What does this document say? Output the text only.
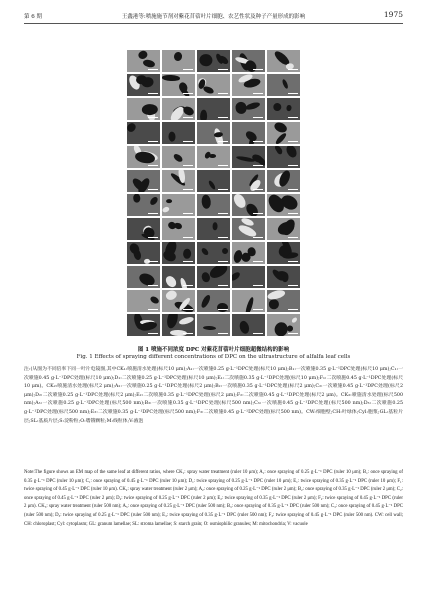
第 6 期	王鑫港等:喷施施节剂对紫花苜蓿叶片细胞、农艺性状及种子产量形成的影响	1975
图 1 喷施不同浓度 DPC 对紫花苜蓿叶片细胞超微结构的影响
Fig. 1 Effects of spraying different concentrations of DPC on the ultrastructure of alfalfa leaf cells
注:(从图为不同倍率下同一叶片电镜图,其中CK₁:喷施清水处理(标尺10 μm);A₁:一次喷施0.25 g·L⁻¹DPC处理(标尺10 μm);B₁:一次喷施0.35 g·L⁻¹DPC处理(标尺10 μm);C₁:一次喷施0.45 g·L⁻¹DPC处理(标尺10 μm);D₁:二次喷施0.25 g·L⁻¹DPC处理(标尺10 μm);E₁:二次喷施0.35 g·L⁻¹DPC处理(标尺10 μm);F₁:二次喷施0.45 g·L⁻¹DPC处理(标尺10 μm)。CK₂:喷施清水处理(标尺2 μm);A₂:一次喷施0.25 g·L⁻¹DPC处理(标尺2 μm);B₂:一次喷施0.35 g·L⁻¹DPC处理(标尺2 μm);C₂:一次喷施0.45 g·L⁻¹DPC处理(标尺2 μm);D₂:二次喷施0.25 g·L⁻¹DPC处理(标尺2 μm);E₂:二次喷施0.35 g·L⁻¹DPC处理(标尺2 μm);F₂:二次喷施0.45 g·L⁻¹DPC处理(标尺2 μm)。CK₃:喷施清水处理(标尺500 nm);A₃:一次喷施0.25 g·L⁻¹DPC处理(标尺500 nm);B₃:一次喷施0.35 g·L⁻¹DPC处理(标尺500 nm);C₃:一次喷施0.45 g·L⁻¹DPC处理(标尺500 nm);D₃:二次喷施0.25 g·L⁻¹DPC处理(标尺500 nm);E₃:二次喷施0.35 g·L⁻¹DPC处理(标尺500 nm);F₃:二次喷施0.45 g·L⁻¹DPC处理(标尺500 nm)。CW:细胞壁;CH:叶绿体;Cyl:胞浆;GL:基粒片层;SL:基质片层;S:淀粉粒;O:嗜锇颗粒;M:线粒体;V:液泡
Note:The figure shows an EM map of the same leaf at different ratios, where CK₁: spray water treatment (ruler 10 μm); A₁: once spraying of 0.25 g·L⁻¹ DPC (ruler 10 μm); B₁: once spraying of 0.35 g·L⁻¹ DPC (ruler 10 μm); C₁: once spraying of 0.45 g·L⁻¹ DPC (ruler 10 μm); D₁: twice spraying of 0.25 g·L⁻¹ DPC (ruler 10 μm); E₁: twice spraying of 0.35 g·L⁻¹ DPC (ruler 10 μm); F₁: twice spraying of 0.45 g·L⁻¹ DPC (ruler 10 μm). CK₂: spray water treatment (ruler 2 μm); A₂: once spraying of 0.25 g·L⁻¹ DPC (ruler 2 μm); B₂: once spraying of 0.35 g·L⁻¹ DPC (ruler 2 μm); C₂: once spraying of 0.45 g·L⁻¹ DPC (ruler 2 μm); D₂: twice spraying of 0.25 g·L⁻¹ DPC (ruler 2 μm); E₂: twice spraying of 0.35 g·L⁻¹ DPC (ruler 2 μm); F₂: twice spraying of 0.45 g·L⁻¹ DPC (ruler 2 μm). CK₃: spray water treatment (ruler 500 nm); A₃: once spraying of 0.25 g·L⁻¹ DPC (ruler 500 nm); B₃: once spraying of 0.35 g·L⁻¹ DPC (ruler 500 nm); C₃: once spraying of 0.45 g·L⁻¹ DPC (ruler 500 nm); D₃: twice spraying of 0.25 g·L⁻¹ DPC (ruler 500 nm); E₃: twice spraying of 0.35 g·L⁻¹ DPC (ruler 500 nm); F₃: twice spraying of 0.45 g·L⁻¹ DPC (ruler 500 nm). CW: cell wall; CH: chloroplast; Cyl: cytoplasm; GL: granum lamellae; SL: stroma lamellae; S: starch grain; O: osmiophilic granules; M: mitochondria; V: vacuole
